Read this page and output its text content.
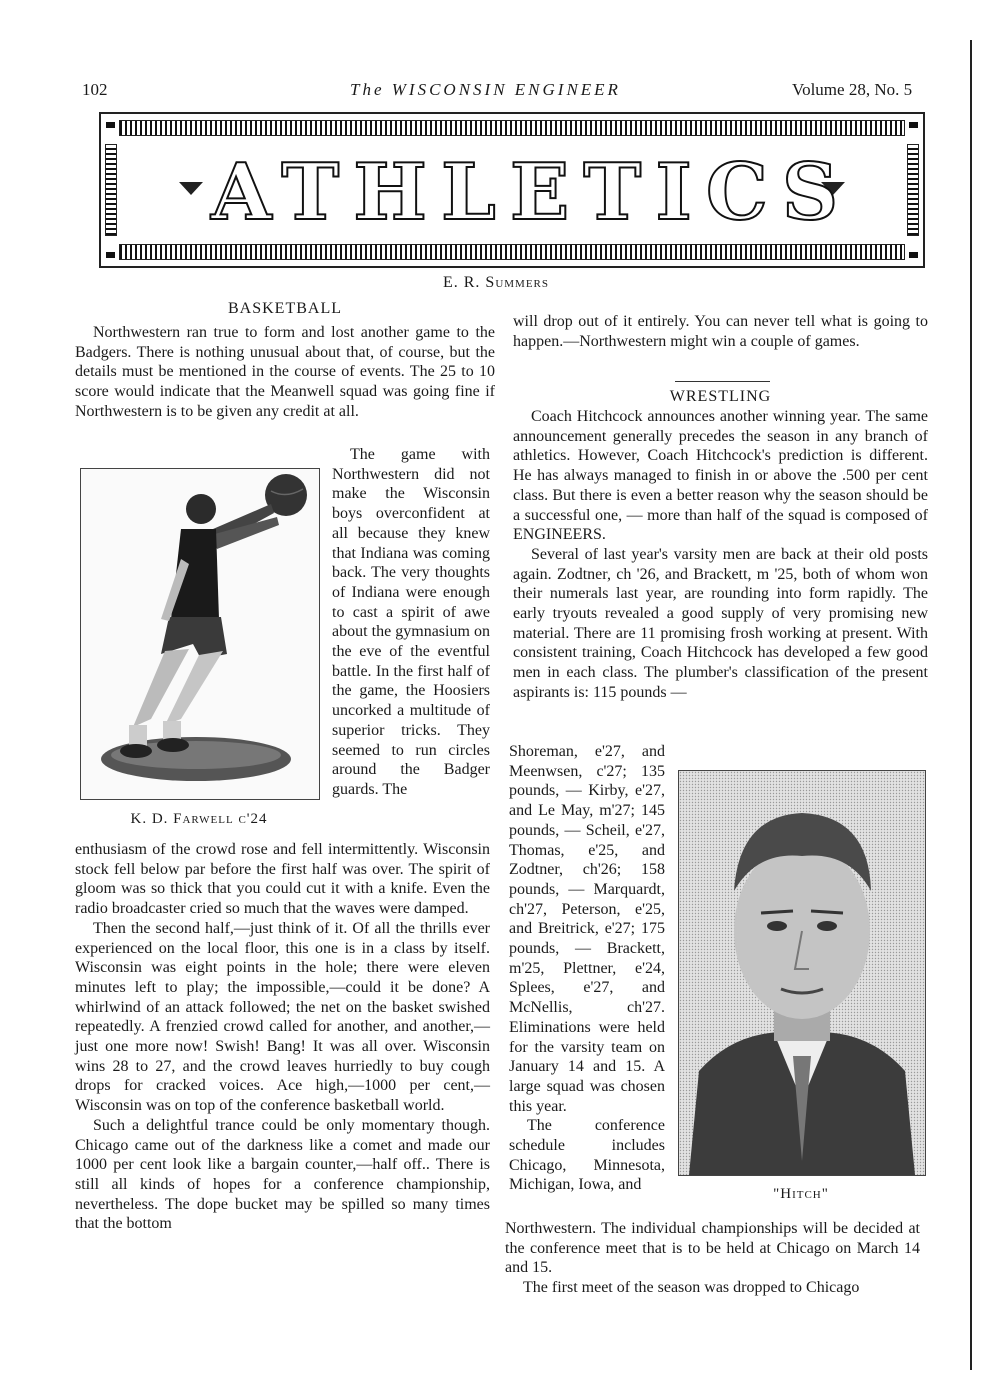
102	The WISCONSIN ENGINEER	Volume 28, No. 5
ATHLETICS
E. R. Summers
BASKETBALL

Northwestern ran true to form and lost another game to the Badgers. There is nothing unusual about that, of course, but the details must be mentioned in the course of events. The 25 to 10 score would indicate that the Meanwell squad was going fine if Northwestern is to be given any credit at all.

The game with Northwestern did not make the Wisconsin boys overconfident at all because they knew that Indiana was coming back. The very thoughts of Indiana were enough to cast a spirit of awe about the gymnasium on the eve of the eventful battle. In the first half of the game, the Hoosiers uncorked a multitude of superior tricks. They seemed to run circles around the Badger guards. The

K. D. Farwell c'24

enthusiasm of the crowd rose and fell intermittently. Wisconsin stock fell below par before the first half was over. The spirit of gloom was so thick that you could cut it with a knife. Even the radio broadcaster cried so much that the waves were damped.

Then the second half,—just think of it. Of all the thrills ever experienced on the local floor, this one is in a class by itself. Wisconsin was eight points in the hole; there were eleven minutes left to play; the impossible,—could it be done? A whirlwind of an attack followed; the net on the basket swished repeatedly. A frenzied crowd called for another, and another,—just one more now! Swish! Bang! It was all over. Wisconsin wins 28 to 27, and the crowd leaves hurriedly to buy cough drops for cracked voices. Ace high,—1000 per cent,—Wisconsin was on top of the conference basketball world.

Such a delightful trance could be only momentary though. Chicago came out of the darkness like a comet and made our 1000 per cent look like a bargain counter,—half off.. There is still all kinds of hopes for a conference championship, nevertheless. The dope bucket may be spilled so many times that the bottom

will drop out of it entirely. You can never tell what is going to happen.—Northwestern might win a couple of games.

WRESTLING

Coach Hitchcock announces another winning year. The same announcement generally precedes the season in any branch of athletics. However, Coach Hitchcock's prediction is different. He has always managed to finish in or above the .500 per cent class. But there is even a better reason why the season should be a successful one, — more than half of the squad is composed of ENGINEERS.

Several of last year's varsity men are back at their old posts again. Zodtner, ch '26, and Brackett, m '25, both of whom won their numerals last year, are rounding into form rapidly. The early tryouts revealed a good supply of very promising new material. There are 11 promising frosh working at present. With consistent training, Coach Hitchcock has developed a few good men in each class. The plumber's classification of the present aspirants is: 115 pounds —

Shoreman, e'27, and Meenwsen, c'27; 135 pounds, — Kirby, e'27, and Le May, m'27; 145 pounds, — Scheil, e'27, Thomas, e'25, and Zodtner, ch'26; 158 pounds, — Marquardt, ch'27, Peterson, e'25, and Breitrick, e'27; 175 pounds, — Brackett, m'25, Plettner, e'24, Splees, e'27, and McNellis, ch'27. Eliminations were held for the varsity team on January 14 and 15. A large squad was chosen this year.

The conference schedule includes Chicago, Minnesota, Michigan, Iowa, and

"Hitch"

Northwestern. The individual championships will be decided at the conference meet that is to be held at Chicago on March 14 and 15.

The first meet of the season was dropped to Chicago
